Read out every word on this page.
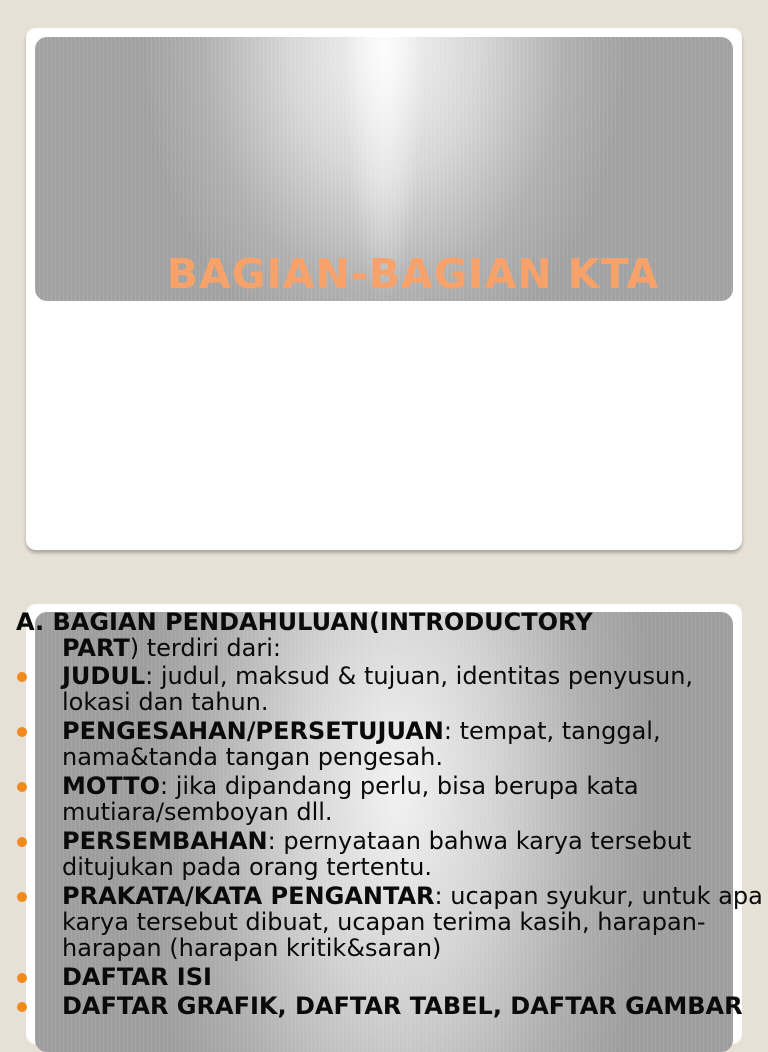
BAGIAN-BAGIAN KTA
A. BAGIAN PENDAHULUAN(INTRODUCTORY
PART) terdiri dari:
JUDUL: judul, maksud & tujuan, identitas penyusun, lokasi dan tahun.
PENGESAHAN/PERSETUJUAN: tempat, tanggal, nama&tanda tangan pengesah.
MOTTO: jika dipandang perlu, bisa berupa kata mutiara/semboyan dll.
PERSEMBAHAN: pernyataan bahwa karya tersebut ditujukan pada orang tertentu.
PRAKATA/KATA PENGANTAR: ucapan syukur, untuk apa karya tersebut dibuat, ucapan terima kasih, harapan-harapan (harapan kritik&saran)
DAFTAR ISI
DAFTAR GRAFIK, DAFTAR TABEL, DAFTAR GAMBAR
